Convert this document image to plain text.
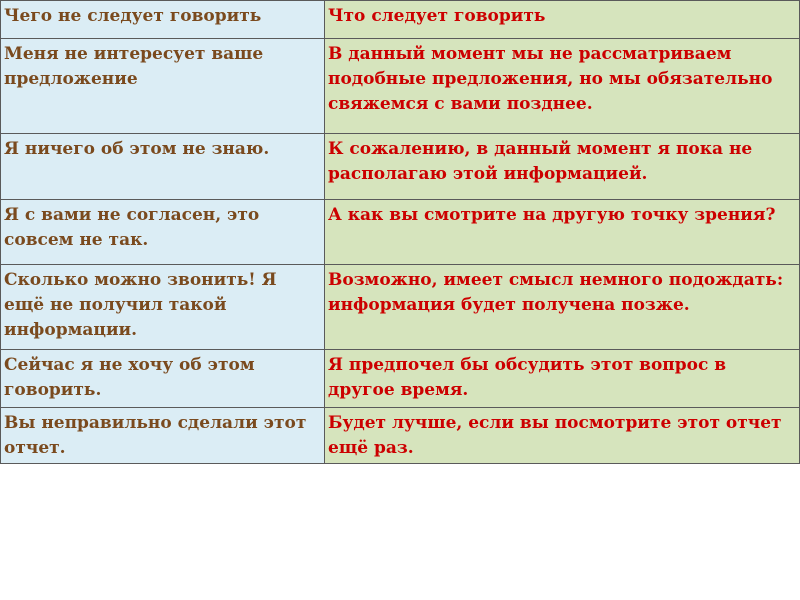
Чего не следует говорить	Что следует говорить
Меня не интересует ваше предложение	В данный момент мы не рассматриваем подобные предложения, но мы обязательно свяжемся с вами позднее.
Я ничего об этом не знаю.	К сожалению, в данный момент я пока не располагаю этой информацией.
Я с вами не согласен, это совсем не так.	А как вы смотрите на другую точку зрения?
Сколько можно звонить! Я ещё не получил такой информации.	Возможно, имеет смысл немного подождать: информация будет получена позже.
Сейчас я не хочу об этом говорить.	Я предпочел бы обсудить этот вопрос в другое время.
Вы неправильно сделали этот отчет.	Будет лучше, если вы посмотрите этот отчет ещё раз.
